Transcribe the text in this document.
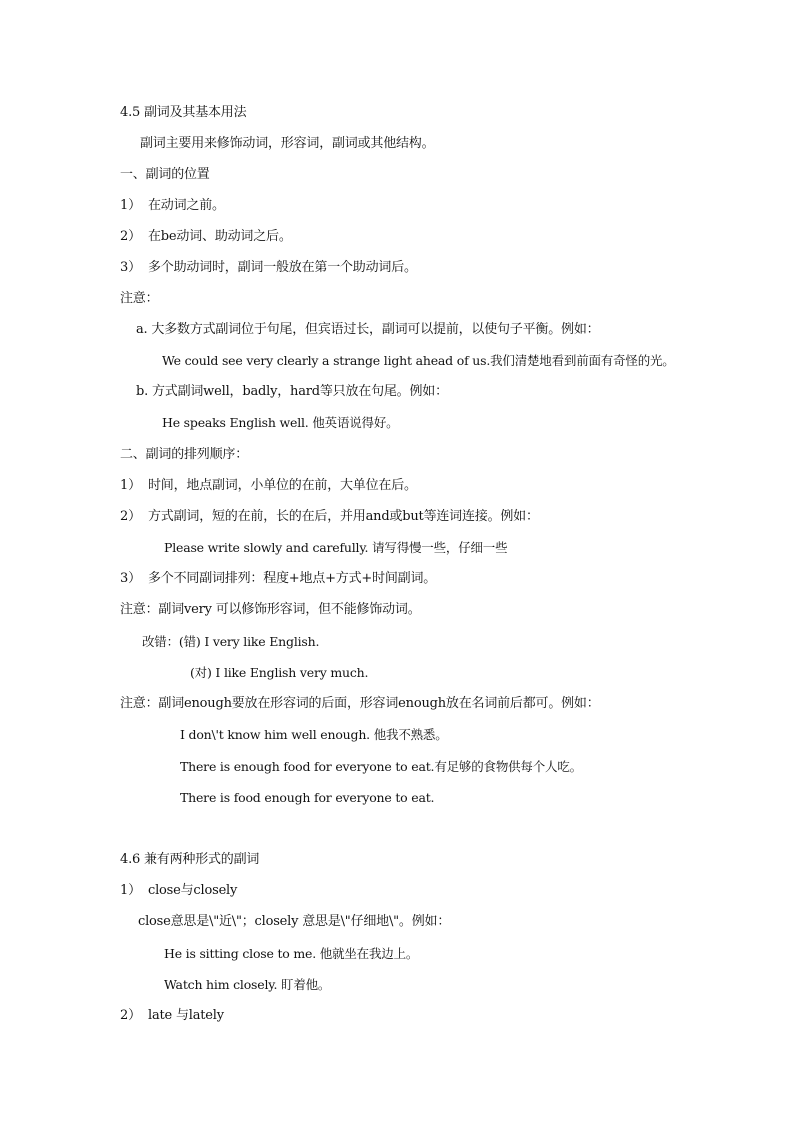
4.5 副词及其基本用法
副词主要用来修饰动词，形容词，副词或其他结构。
一、副词的位置
1） 在动词之前。
2） 在be动词、助动词之后。
3） 多个助动词时，副词一般放在第一个助动词后。
注意：
a. 大多数方式副词位于句尾，但宾语过长，副词可以提前，以使句子平衡。例如：
We could see very clearly a strange light ahead of us.我们清楚地看到前面有奇怪的光。
b. 方式副词well，badly，hard等只放在句尾。例如：
He speaks English well. 他英语说得好。
二、副词的排列顺序：
1） 时间，地点副词，小单位的在前，大单位在后。
2） 方式副词，短的在前，长的在后，并用and或but等连词连接。例如：
Please write slowly and carefully. 请写得慢一些，仔细一些
3） 多个不同副词排列：程度+地点+方式+时间副词。
注意：副词very 可以修饰形容词，但不能修饰动词。
改错：(错) I very like English.
(对) I like English very much.
注意：副词enough要放在形容词的后面，形容词enough放在名词前后都可。例如：
I don\'t know him well enough. 他我不熟悉。
There is enough food for everyone to eat.有足够的食物供每个人吃。
There is food enough for everyone to eat.
4.6 兼有两种形式的副词
1） close与closely
close意思是\"近\"；closely 意思是\"仔细地\"。例如：
He is sitting close to me. 他就坐在我边上。
Watch him closely. 盯着他。
2） late 与lately
